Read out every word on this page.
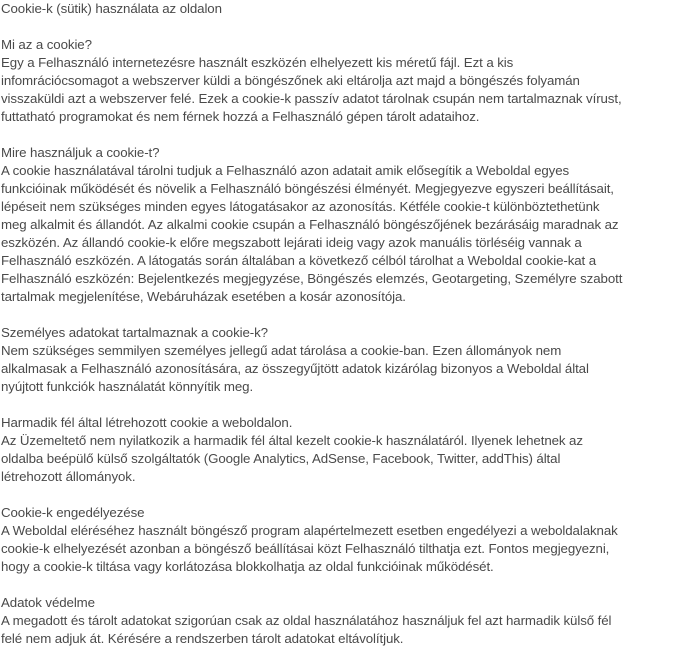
Cookie-k (sütik) használata az oldalon
Mi az a cookie?
Egy a Felhasználó internetezésre használt eszközén elhelyezett kis méretű fájl. Ezt a kis
infomrációcsomagot a webszerver küldi a böngészőnek aki eltárolja azt majd a böngészés folyamán
visszaküldi azt a webszerver felé. Ezek a cookie-k passzív adatot tárolnak csupán nem tartalmaznak vírust,
futtatható programokat és nem férnek hozzá a Felhasználó gépen tárolt adataihoz.
Mire használjuk a cookie-t?
A cookie használatával tárolni tudjuk a Felhasználó azon adatait amik elősegítik a Weboldal egyes
funkcióinak működését és növelik a Felhasználó böngészési élményét. Megjegyezve egyszeri beállításait,
lépéseit nem szükséges minden egyes látogatásakor az azonosítás. Kétféle cookie-t különböztethetünk
meg alkalmit és állandót. Az alkalmi cookie csupán a Felhasználó böngészőjének bezárásáig maradnak az
eszközén. Az állandó cookie-k előre megszabott lejárati ideig vagy azok manuális törléséig vannak a
Felhasználó eszközén. A látogatás során általában a következő célból tárolhat a Weboldal cookie-kat a
Felhasználó eszközén: Bejelentkezés megjegyzése, Böngészés elemzés, Geotargeting, Személyre szabott
tartalmak megjelenítése, Webáruházak esetében a kosár azonosítója.
Személyes adatokat tartalmaznak a cookie-k?
Nem szükséges semmilyen személyes jellegű adat tárolása a cookie-ban. Ezen állományok nem
alkalmasak a Felhasználó azonosítására, az összegyűjtött adatok kizárólag bizonyos a Weboldal által
nyújtott funkciók használatát könnyítik meg.
Harmadik fél által létrehozott cookie a weboldalon.
Az Üzemeltető nem nyilatkozik a harmadik fél által kezelt cookie-k használatáról. Ilyenek lehetnek az
oldalba beépülő külső szolgáltatók (Google Analytics, AdSense, Facebook, Twitter, addThis) által
létrehozott állományok.
Cookie-k engedélyezése
A Weboldal eléréséhez használt böngésző program alapértelmezett esetben engedélyezi a weboldalaknak
cookie-k elhelyezését azonban a böngésző beállításai közt Felhasználó tilthatja ezt. Fontos megjegyezni,
hogy a cookie-k tiltása vagy korlátozása blokkolhatja az oldal funkcióinak működését.
Adatok védelme
A megadott és tárolt adatokat szigorúan csak az oldal használatához használjuk fel azt harmadik külső fél
felé nem adjuk át. Kérésére a rendszerben tárolt adatokat eltávolítjuk.
